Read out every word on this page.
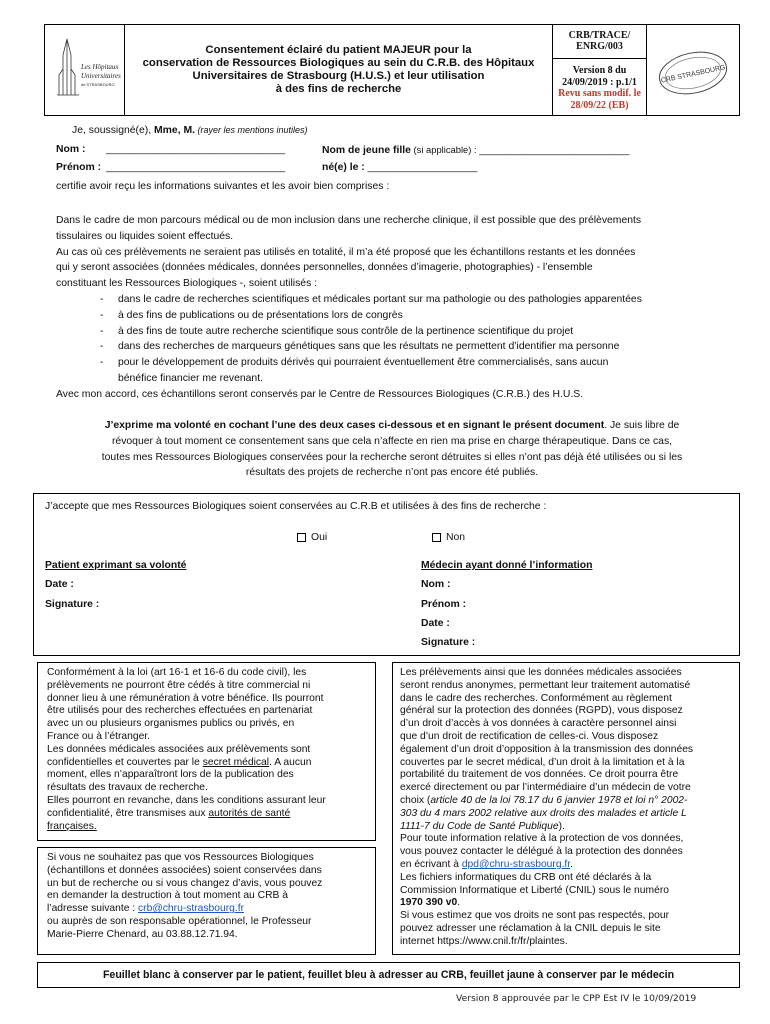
Les Hôpitaux
Universitaires
de STRASBOURG
Consentement éclairé du patient MAJEUR pour la
conservation de Ressources Biologiques au sein du C.R.B. des Hôpitaux
Universitaires de Strasbourg (H.U.S.) et leur utilisation
à des fins de recherche
CRB/TRACE/
ENRG/003
Version 8 du
24/09/2019 : p.1/1
Revu sans modif. le
28/09/22 (EB)
CRB STRASBOURG
Je, soussigné(e), Mme, M. (rayer les mentions inutiles)
Nom : _______________________________	Nom de jeune fille (si applicable) : __________________________
Prénom : _______________________________	né(e) le : ___________________
certifie avoir reçu les informations suivantes et les avoir bien comprises :
Dans le cadre de mon parcours médical ou de mon inclusion dans une recherche clinique, il est possible que des prélèvements
tissulaires ou liquides soient effectués.
Au cas où ces prélèvements ne seraient pas utilisés en totalité, il m’a été proposé que les échantillons restants et les données
qui y seront associées (données médicales, données personnelles, données d’imagerie, photographies) - l’ensemble
constituant les Ressources Biologiques -, soient utilisés :
- dans le cadre de recherches scientifiques et médicales portant sur ma pathologie ou des pathologies apparentées
- à des fins de publications ou de présentations lors de congrès
- à des fins de toute autre recherche scientifique sous contrôle de la pertinence scientifique du projet
- dans des recherches de marqueurs génétiques sans que les résultats ne permettent d’identifier ma personne
- pour le développement de produits dérivés qui pourraient éventuellement être commercialisés, sans aucun
bénéfice financier me revenant.
Avec mon accord, ces échantillons seront conservés par le Centre de Ressources Biologiques (C.R.B.) des H.U.S.
J’exprime ma volonté en cochant l’une des deux cases ci-dessous et en signant le présent document. Je suis libre de
révoquer à tout moment ce consentement sans que cela n’affecte en rien ma prise en charge thérapeutique. Dans ce cas,
toutes mes Ressources Biologiques conservées pour la recherche seront détruites si elles n’ont pas déjà été utilisées ou si les
résultats des projets de recherche n’ont pas encore été publiés.
J’accepte que mes Ressources Biologiques soient conservées au C.R.B et utilisées à des fins de recherche :
Oui	Non
Patient exprimant sa volonté
Date :
Signature :
Médecin ayant donné l’information
Nom :
Prénom :
Date :
Signature :
Conformément à la loi (art 16-1 et 16-6 du code civil), les
prélèvements ne pourront être cédés à titre commercial ni
donner lieu à une rémunération à votre bénéfice. Ils pourront
être utilisés pour des recherches effectuées en partenariat
avec un ou plusieurs organismes publics ou privés, en
France ou à l’étranger.
Les données médicales associées aux prélèvements sont
confidentielles et couvertes par le secret médical. A aucun
moment, elles n’apparaîtront lors de la publication des
résultats des travaux de recherche.
Elles pourront en revanche, dans les conditions assurant leur
confidentialité, être transmises aux autorités de santé
françaises.
Si vous ne souhaitez pas que vos Ressources Biologiques
(échantillons et données associées) soient conservées dans
un but de recherche ou si vous changez d’avis, vous pouvez
en demander la destruction à tout moment au CRB à
l’adresse suivante : crb@chru-strasbourg.fr
ou auprès de son responsable opérationnel, le Professeur
Marie-Pierre Chenard, au 03.88.12.71.94.
Les prélèvements ainsi que les données médicales associées
seront rendus anonymes, permettant leur traitement automatisé
dans le cadre des recherches. Conformément au règlement
général sur la protection des données (RGPD), vous disposez
d’un droit d’accès à vos données à caractère personnel ainsi
que d’un droit de rectification de celles-ci. Vous disposez
également d’un droit d’opposition à la transmission des données
couvertes par le secret médical, d’un droit à la limitation et à la
portabilité du traitement de vos données. Ce droit pourra être
exercé directement ou par l’intermédiaire d’un médecin de votre
choix (article 40 de la loi 78.17 du 6 janvier 1978 et loi n° 2002-
303 du 4 mars 2002 relative aux droits des malades et article L
1111-7 du Code de Santé Publique).
Pour toute information relative à la protection de vos données,
vous pouvez contacter le délégué à la protection des données
en écrivant à dpd@chru-strasbourg.fr.
Les fichiers informatiques du CRB ont été déclarés à la
Commission Informatique et Liberté (CNIL) sous le numéro
1970 390 v0.
Si vous estimez que vos droits ne sont pas respectés, pour
pouvez adresser une réclamation à la CNIL depuis le site
internet https://www.cnil.fr/fr/plaintes.
Feuillet blanc à conserver par le patient, feuillet bleu à adresser au CRB, feuillet jaune à conserver par le médecin
Version 8 approuvée par le CPP Est IV le 10/09/2019
